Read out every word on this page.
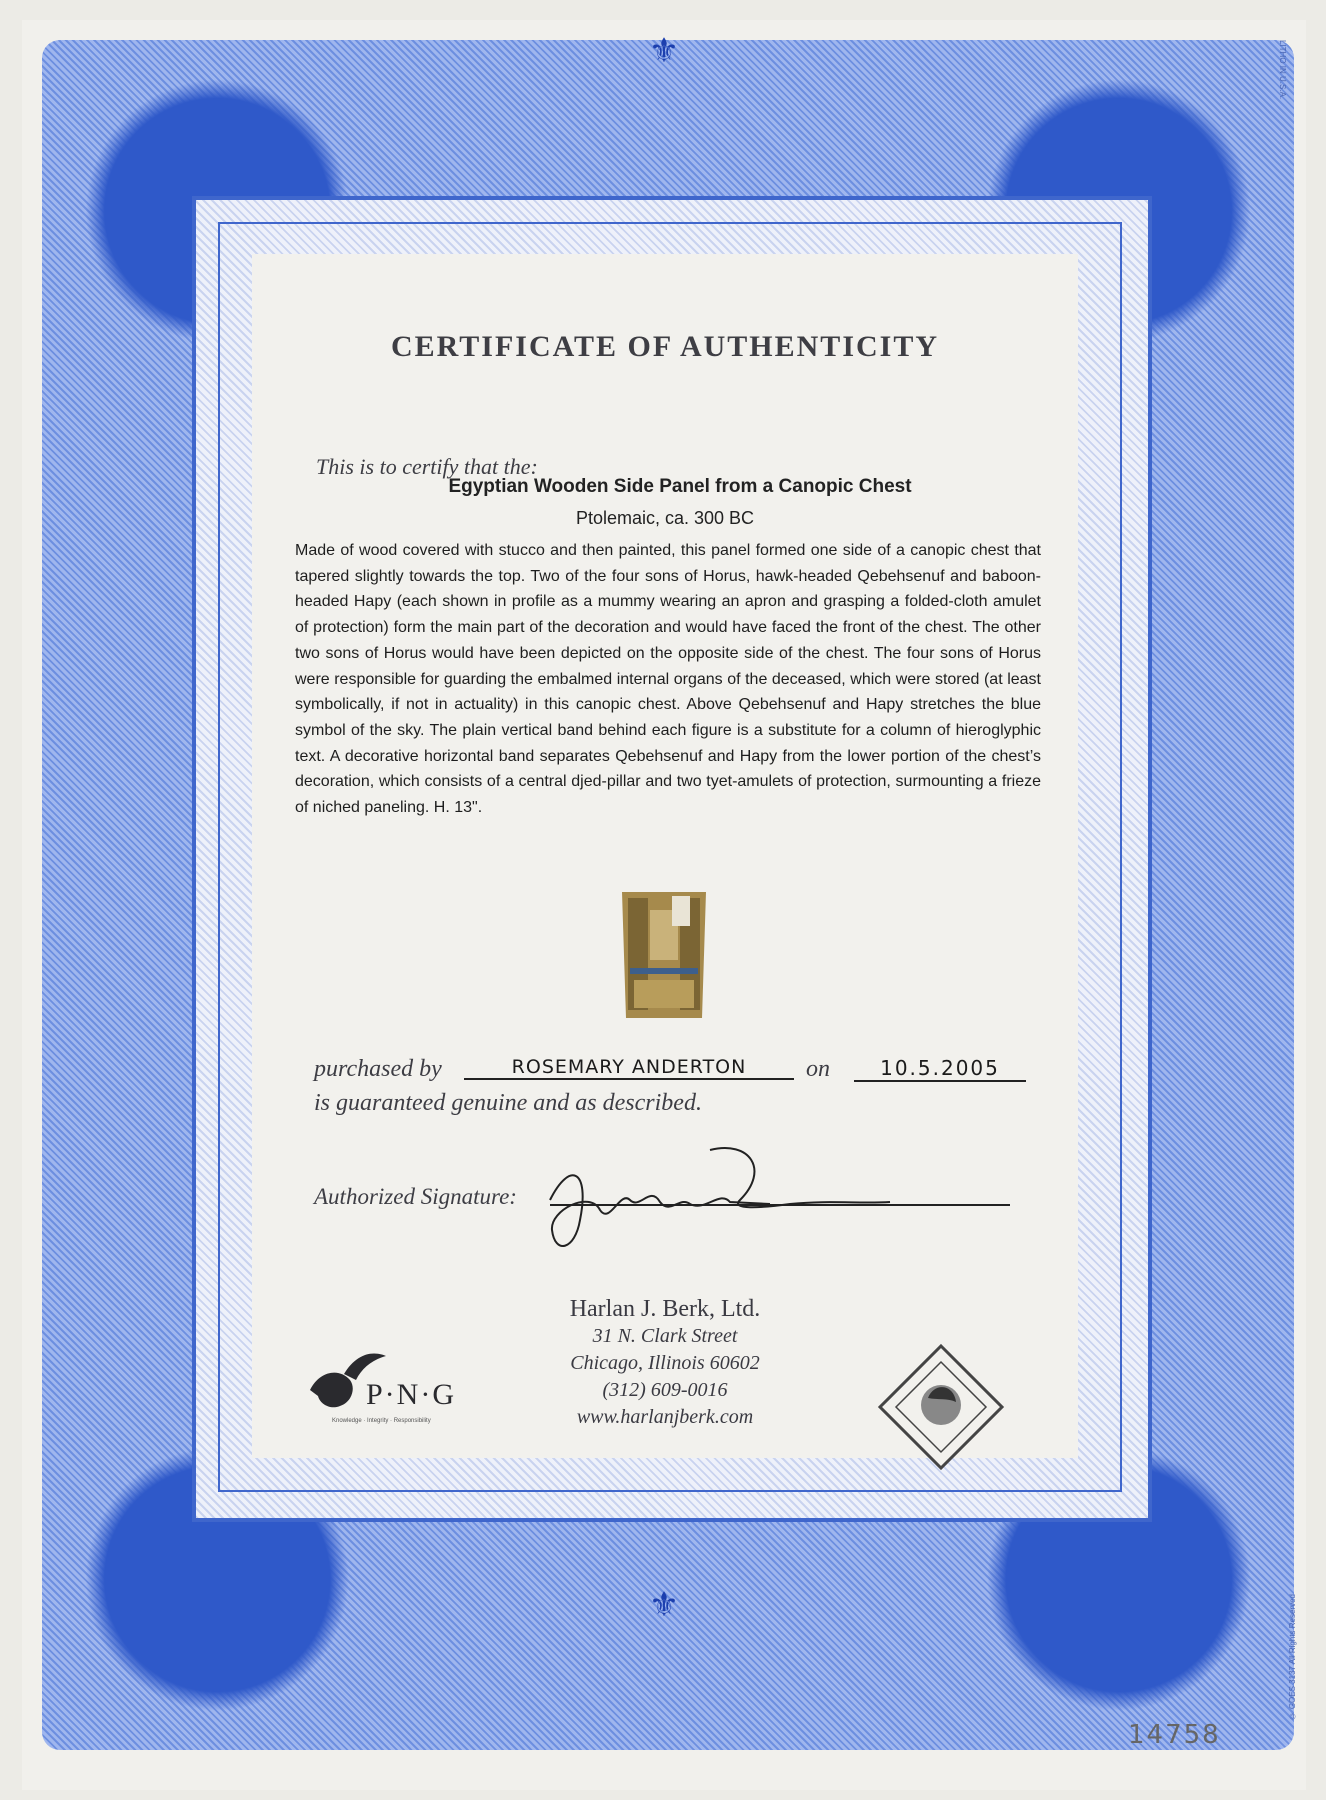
⚜
⚜
LITHO IN U.S.A.
© GOES 3137 All Rights Reserved
CERTIFICATE OF AUTHENTICITY
This is to certify that the:
Egyptian Wooden Side Panel from a Canopic Chest
Ptolemaic, ca. 300 BC
Made of wood covered with stucco and then painted, this panel formed one side of a canopic chest that tapered slightly towards the top. Two of the four sons of Horus, hawk-headed Qebehsenuf and baboon-headed Hapy (each shown in profile as a mummy wearing an apron and grasping a folded-cloth amulet of protection) form the main part of the decoration and would have faced the front of the chest. The other two sons of Horus would have been depicted on the opposite side of the chest. The four sons of Horus were responsible for guarding the embalmed internal organs of the deceased, which were stored (at least symbolically, if not in actuality) in this canopic chest. Above Qebehsenuf and Hapy stretches the blue symbol of the sky. The plain vertical band behind each figure is a substitute for a column of hieroglyphic text. A decorative horizontal band separates Qebehsenuf and Hapy from the lower portion of the chest’s decoration, which consists of a central djed-pillar and two tyet-amulets of protection, surmounting a frieze of niched paneling. H. 13".
purchased by	ROSEMARY ANDERTON	on	10.5.2005
is guaranteed genuine and as described.
Authorized Signature:
Harlan J. Berk, Ltd.
31 N. Clark Street
Chicago, Illinois 60602
(312) 609-0016
www.harlanjberk.com
P·N·G
Knowledge · Integrity · Responsibility
14758
